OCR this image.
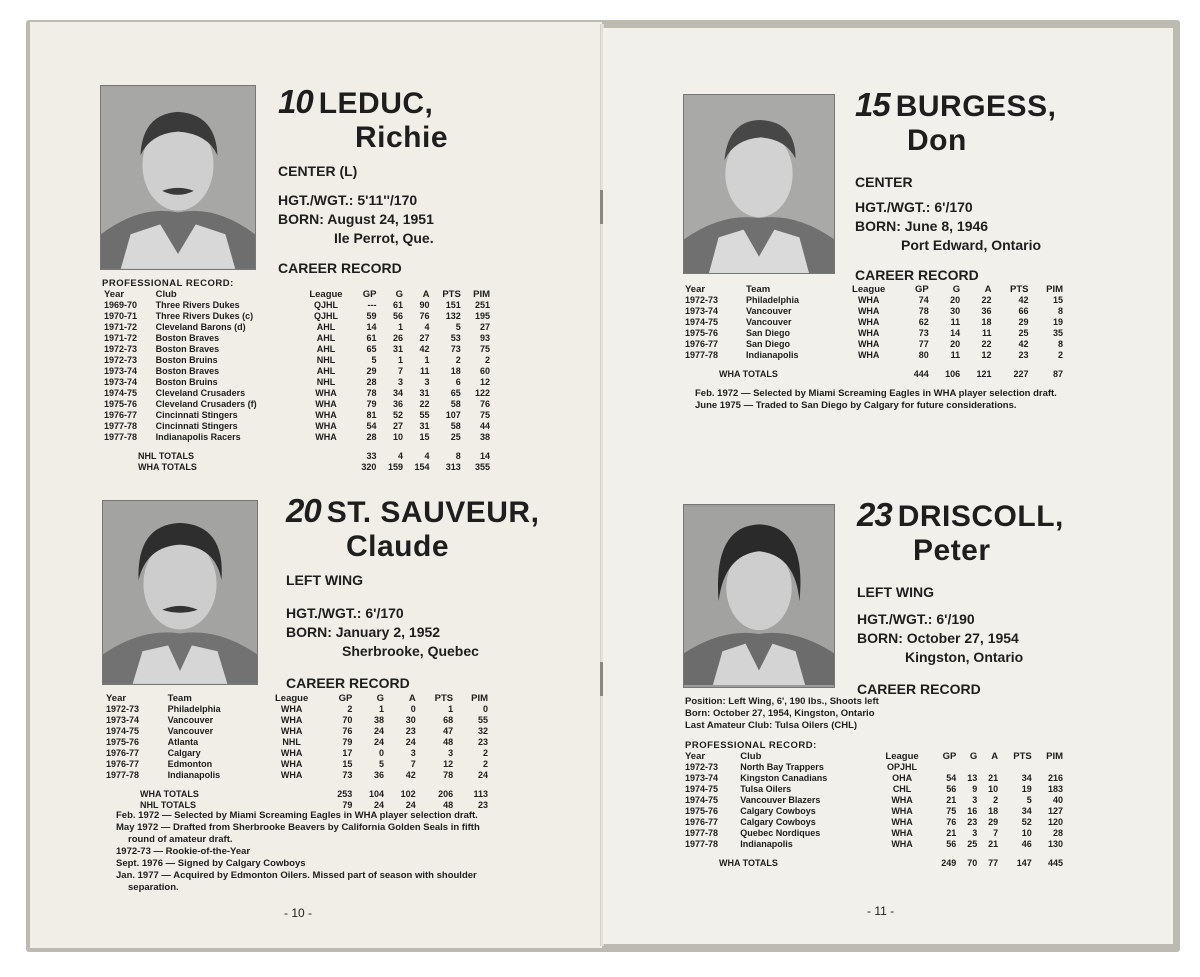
10 LEDUC,
Richie
CENTER (L)
HGT./WGT.: 5'11''/170
BORN: August 24, 1951
Ile Perrot, Que.
CAREER RECORD
PROFESSIONAL RECORD:
Year	Club	League	GP	G	A	PTS	PIM
1969-70	Three Rivers Dukes	QJHL	---	61	90	151	251
1970-71	Three Rivers Dukes (c)	QJHL	59	56	76	132	195
1971-72	Cleveland Barons (d)	AHL	14	1	4	5	27
1971-72	Boston Braves	AHL	61	26	27	53	93
1972-73	Boston Braves	AHL	65	31	42	73	75
1972-73	Boston Bruins	NHL	5	1	1	2	2
1973-74	Boston Braves	AHL	29	7	11	18	60
1973-74	Boston Bruins	NHL	28	3	3	6	12
1974-75	Cleveland Crusaders	WHA	78	34	31	65	122
1975-76	Cleveland Crusaders (f)	WHA	79	36	22	58	76
1976-77	Cincinnati Stingers	WHA	81	52	55	107	75
1977-78	Cincinnati Stingers	WHA	54	27	31	58	44
1977-78	Indianapolis Racers	WHA	28	10	15	25	38

NHL TOTALS			33	4	4	8	14
WHA TOTALS			320	159	154	313	355
20 ST. SAUVEUR,
Claude
LEFT WING
HGT./WGT.: 6'/170
BORN: January 2, 1952
Sherbrooke, Quebec
CAREER RECORD
Year	Team	League	GP	G	A	PTS	PIM
1972-73	Philadelphia	WHA	2	1	0	1	0
1973-74	Vancouver	WHA	70	38	30	68	55
1974-75	Vancouver	WHA	76	24	23	47	32
1975-76	Atlanta	NHL	79	24	24	48	23
1976-77	Calgary	WHA	17	0	3	3	2
1976-77	Edmonton	WHA	15	5	7	12	2
1977-78	Indianapolis	WHA	73	36	42	78	24

WHA TOTALS			253	104	102	206	113
NHL TOTALS			79	24	24	48	23

Feb. 1972 — Selected by Miami Screaming Eagles in WHA player selection draft.

May 1972 — Drafted from Sherbrooke Beavers by California Golden Seals in fifth round of amateur draft.

1972-73 — Rookie-of-the-Year

Sept. 1976 — Signed by Calgary Cowboys

Jan. 1977 — Acquired by Edmonton Oilers. Missed part of season with shoulder separation.

- 10 -
15 BURGESS,
Don
CENTER
HGT./WGT.: 6'/170
BORN: June 8, 1946
Port Edward, Ontario
CAREER RECORD
Year	Team	League	GP	G	A	PTS	PIM
1972-73	Philadelphia	WHA	74	20	22	42	15
1973-74	Vancouver	WHA	78	30	36	66	8
1974-75	Vancouver	WHA	62	11	18	29	19
1975-76	San Diego	WHA	73	14	11	25	35
1976-77	San Diego	WHA	77	20	22	42	8
1977-78	Indianapolis	WHA	80	11	12	23	2

WHA TOTALS			444	106	121	227	87

Feb. 1972 — Selected by Miami Screaming Eagles in WHA player selection draft.

June 1975 — Traded to San Diego by Calgary for future considerations.

23 DRISCOLL,
Peter
LEFT WING
HGT./WGT.: 6'/190
BORN: October 27, 1954
Kingston, Ontario
CAREER RECORD

Position: Left Wing, 6', 190 lbs., Shoots left

Born: October 27, 1954, Kingston, Ontario

Last Amateur Club: Tulsa Oilers (CHL)

PROFESSIONAL RECORD:
Year	Club	League	GP	G	A	PTS	PIM
1972-73	North Bay Trappers	OPJHL					
1973-74	Kingston Canadians	OHA	54	13	21	34	216
1974-75	Tulsa Oilers	CHL	56	9	10	19	183
1974-75	Vancouver Blazers	WHA	21	3	2	5	40
1975-76	Calgary Cowboys	WHA	75	16	18	34	127
1976-77	Calgary Cowboys	WHA	76	23	29	52	120
1977-78	Quebec Nordiques	WHA	21	3	7	10	28
1977-78	Indianapolis	WHA	56	25	21	46	130

WHA TOTALS			249	70	77	147	445
- 11 -
